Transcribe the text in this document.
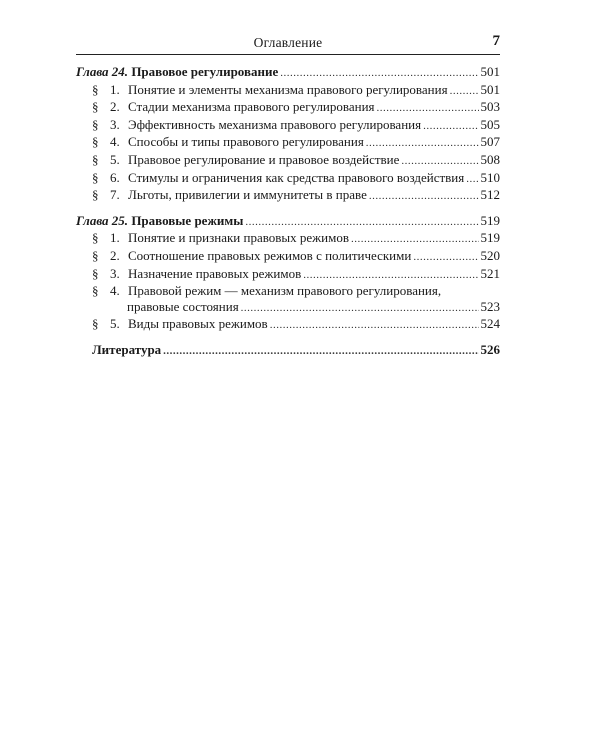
Оглавление	7
Глава 24. Правовое регулирование .....	501
§ 1. Понятие и элементы механизма правового регулирования .....	501
§ 2. Стадии механизма правового регулирования .....	503
§ 3. Эффективность механизма правового регулирования .....	505
§ 4. Способы и типы правового регулирования .....	507
§ 5. Правовое регулирование и правовое воздействие .....	508
§ 6. Стимулы и ограничения как средства правового воздействия ..... 510
§ 7. Льготы, привилегии и иммунитеты в праве .....	512
Глава 25. Правовые режимы .....	519
§ 1. Понятие и признаки правовых режимов .....	519
§ 2. Соотношение правовых режимов с политическими .....	520
§ 3. Назначение правовых режимов .....	521
§ 4. Правовой режим — механизм правового регулирования,
правовые состояния .....	523
§ 5. Виды правовых режимов .....	524
Литература .....	526
